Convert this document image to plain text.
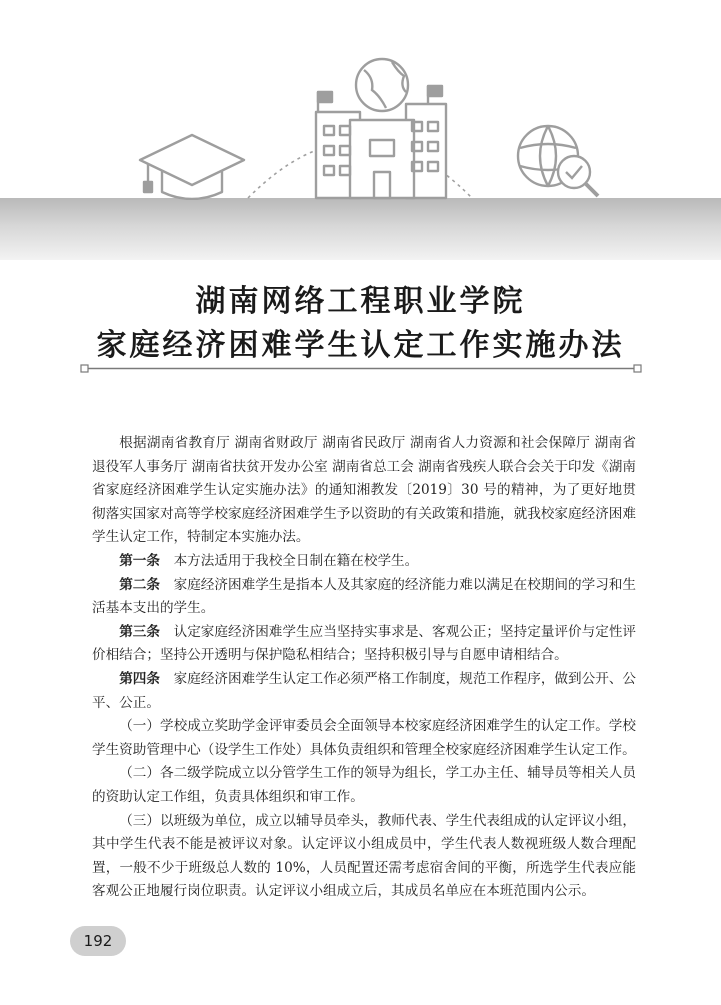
湖南网络工程职业学院
家庭经济困难学生认定工作实施办法

根据湖南省教育厅 湖南省财政厅 湖南省民政厅 湖南省人力资源和社会保障厅 湖南省退役军人事务厅 湖南省扶贫开发办公室 湖南省总工会 湖南省残疾人联合会关于印发《湖南省家庭经济困难学生认定实施办法》的通知湘教发〔2019〕30 号的精神，为了更好地贯彻落实国家对高等学校家庭经济困难学生予以资助的有关政策和措施，就我校家庭经济困难学生认定工作，特制定本实施办法。

第一条　 本方法适用于我校全日制在籍在校学生。

第二条　 家庭经济困难学生是指本人及其家庭的经济能力难以满足在校期间的学习和生活基本支出的学生。

第三条　 认定家庭经济困难学生应当坚持实事求是、客观公正；坚持定量评价与定性评价相结合；坚持公开透明与保护隐私相结合；坚持积极引导与自愿申请相结合。

第四条　 家庭经济困难学生认定工作必须严格工作制度，规范工作程序，做到公开、公平、公正。

（一）学校成立奖助学金评审委员会全面领导本校家庭经济困难学生的认定工作。学校学生资助管理中心（设学生工作处）具体负责组织和管理全校家庭经济困难学生认定工作。

（二）各二级学院成立以分管学生工作的领导为组长，学工办主任、辅导员等相关人员的资助认定工作组，负责具体组织和审工作。

（三）以班级为单位，成立以辅导员牵头，教师代表、学生代表组成的认定评议小组，其中学生代表不能是被评议对象。认定评议小组成员中，学生代表人数视班级人数合理配置，一般不少于班级总人数的 10%，人员配置还需考虑宿舍间的平衡，所选学生代表应能客观公正地履行岗位职责。认定评议小组成立后，其成员名单应在本班范围内公示。

192
